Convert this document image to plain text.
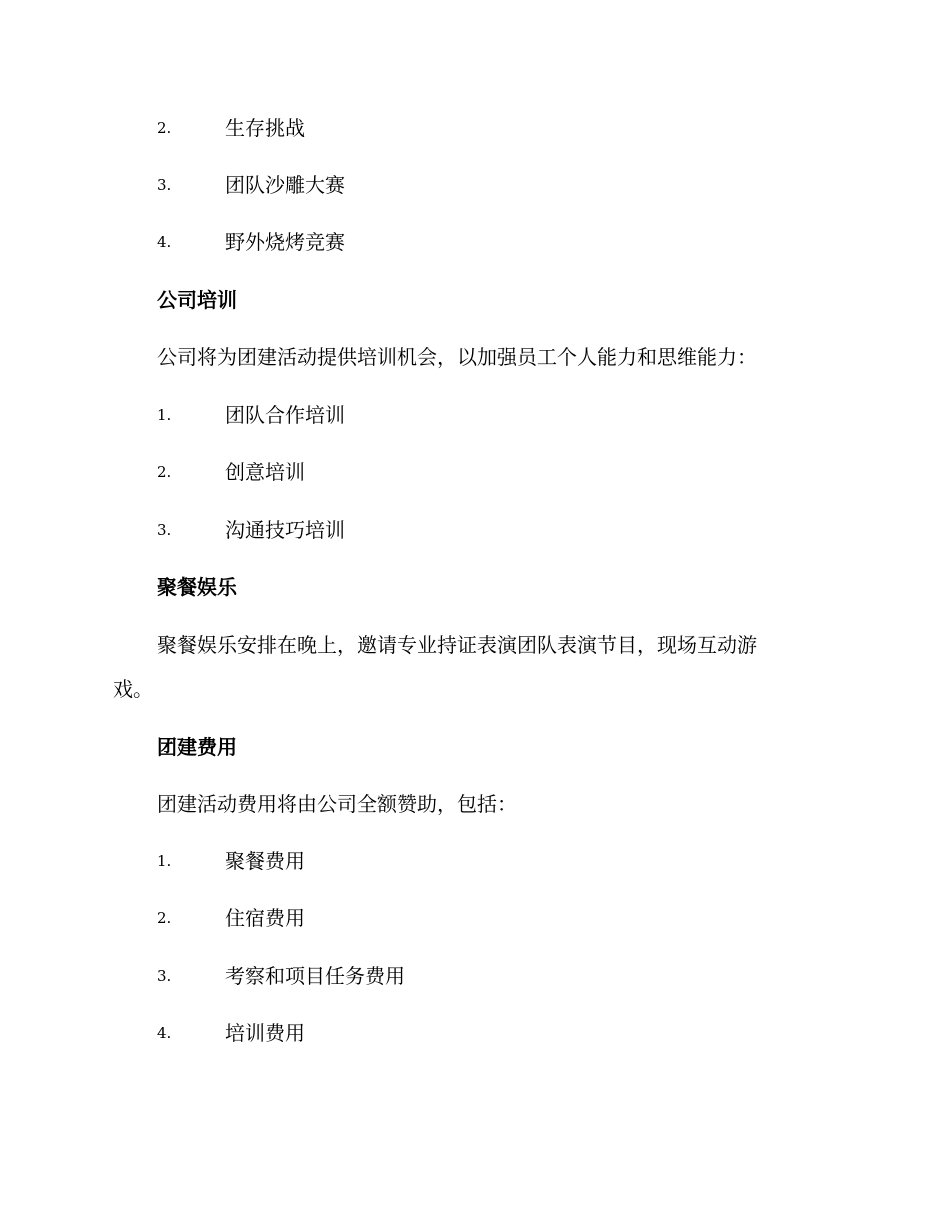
2.	生存挑战
3.	团队沙雕大赛
4.	野外烧烤竞赛
公司培训
公司将为团建活动提供培训机会，以加强员工个人能力和思维能力：
1.	团队合作培训
2.	创意培训
3.	沟通技巧培训
聚餐娱乐
聚餐娱乐安排在晚上，邀请专业持证表演团队表演节目，现场互动游
戏。
团建费用
团建活动费用将由公司全额赞助，包括：
1.	聚餐费用
2.	住宿费用
3.	考察和项目任务费用
4.	培训费用
